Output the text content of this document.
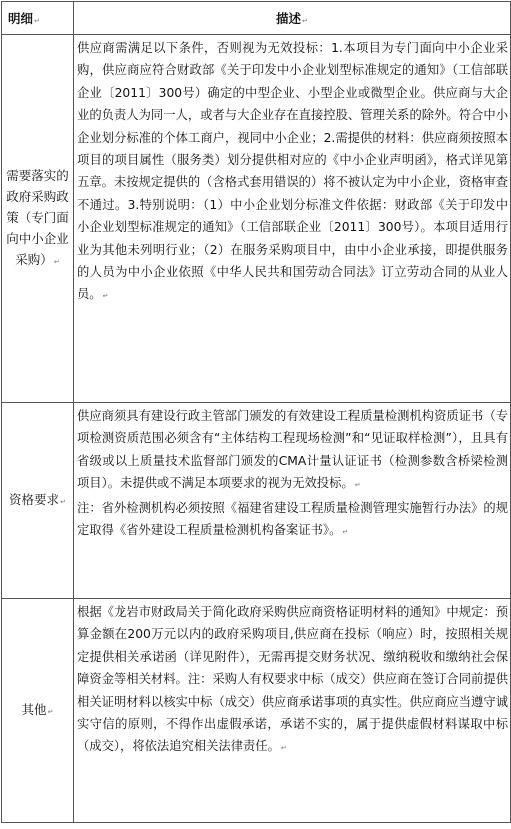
明细↵	描述↵
需要落实的政府采购政策（专门面向中小企业采购）↵	供应商需满足以下条件，否则视为无效投标：1.本项目为专门面向中小企业采购，供应商应符合财政部《关于印发中小企业划型标准规定的通知》（工信部联企业〔2011〕300号）确定的中型企业、小型企业或微型企业。供应商与大企业的负责人为同一人，或者与大企业存在直接控股、管理关系的除外。符合中小企业划分标准的个体工商户，视同中小企业；2.需提供的材料：供应商须按照本项目的项目属性（服务类）划分提供相对应的《中小企业声明函》，格式详见第五章。未按规定提供的（含格式套用错误的）将不被认定为中小企业，资格审查不通过。3.特别说明：（1）中小企业划分标准文件依据：财政部《关于印发中小企业划型标准规定的通知》（工信部联企业〔2011〕300号）。本项目适用行业为其他未列明行业；（2）在服务采购项目中，由中小企业承接，即提供服务的人员为中小企业依照《中华人民共和国劳动合同法》订立劳动合同的从业人员。↵

资格要求↵	供应商须具有建设行政主管部门颁发的有效建设工程质量检测机构资质证书（专项检测资质范围必须含有“主体结构工程现场检测”和“见证取样检测”），且具有省级或以上质量技术监督部门颁发的CMA计量认证证书（检测参数含桥梁检测项目）。未提供或不满足本项要求的视为无效投标。↵
注：省外检测机构必须按照《福建省建设工程质量检测管理实施暂行办法》的规定取得《省外建设工程质量检测机构备案证书》。↵

其他↵	根据《龙岩市财政局关于简化政府采购供应商资格证明材料的通知》中规定：预算金额在200万元以内的政府采购项目,供应商在投标（响应）时，按照相关规定提供相关承诺函（详见附件），无需再提交财务状况、缴纳税收和缴纳社会保障资金等相关材料。注：采购人有权要求中标（成交）供应商在签订合同前提供相关证明材料以核实中标（成交）供应商承诺事项的真实性。供应商应当遵守诚实守信的原则，不得作出虚假承诺，承诺不实的，属于提供虚假材料谋取中标（成交），将依法追究相关法律责任。↵
